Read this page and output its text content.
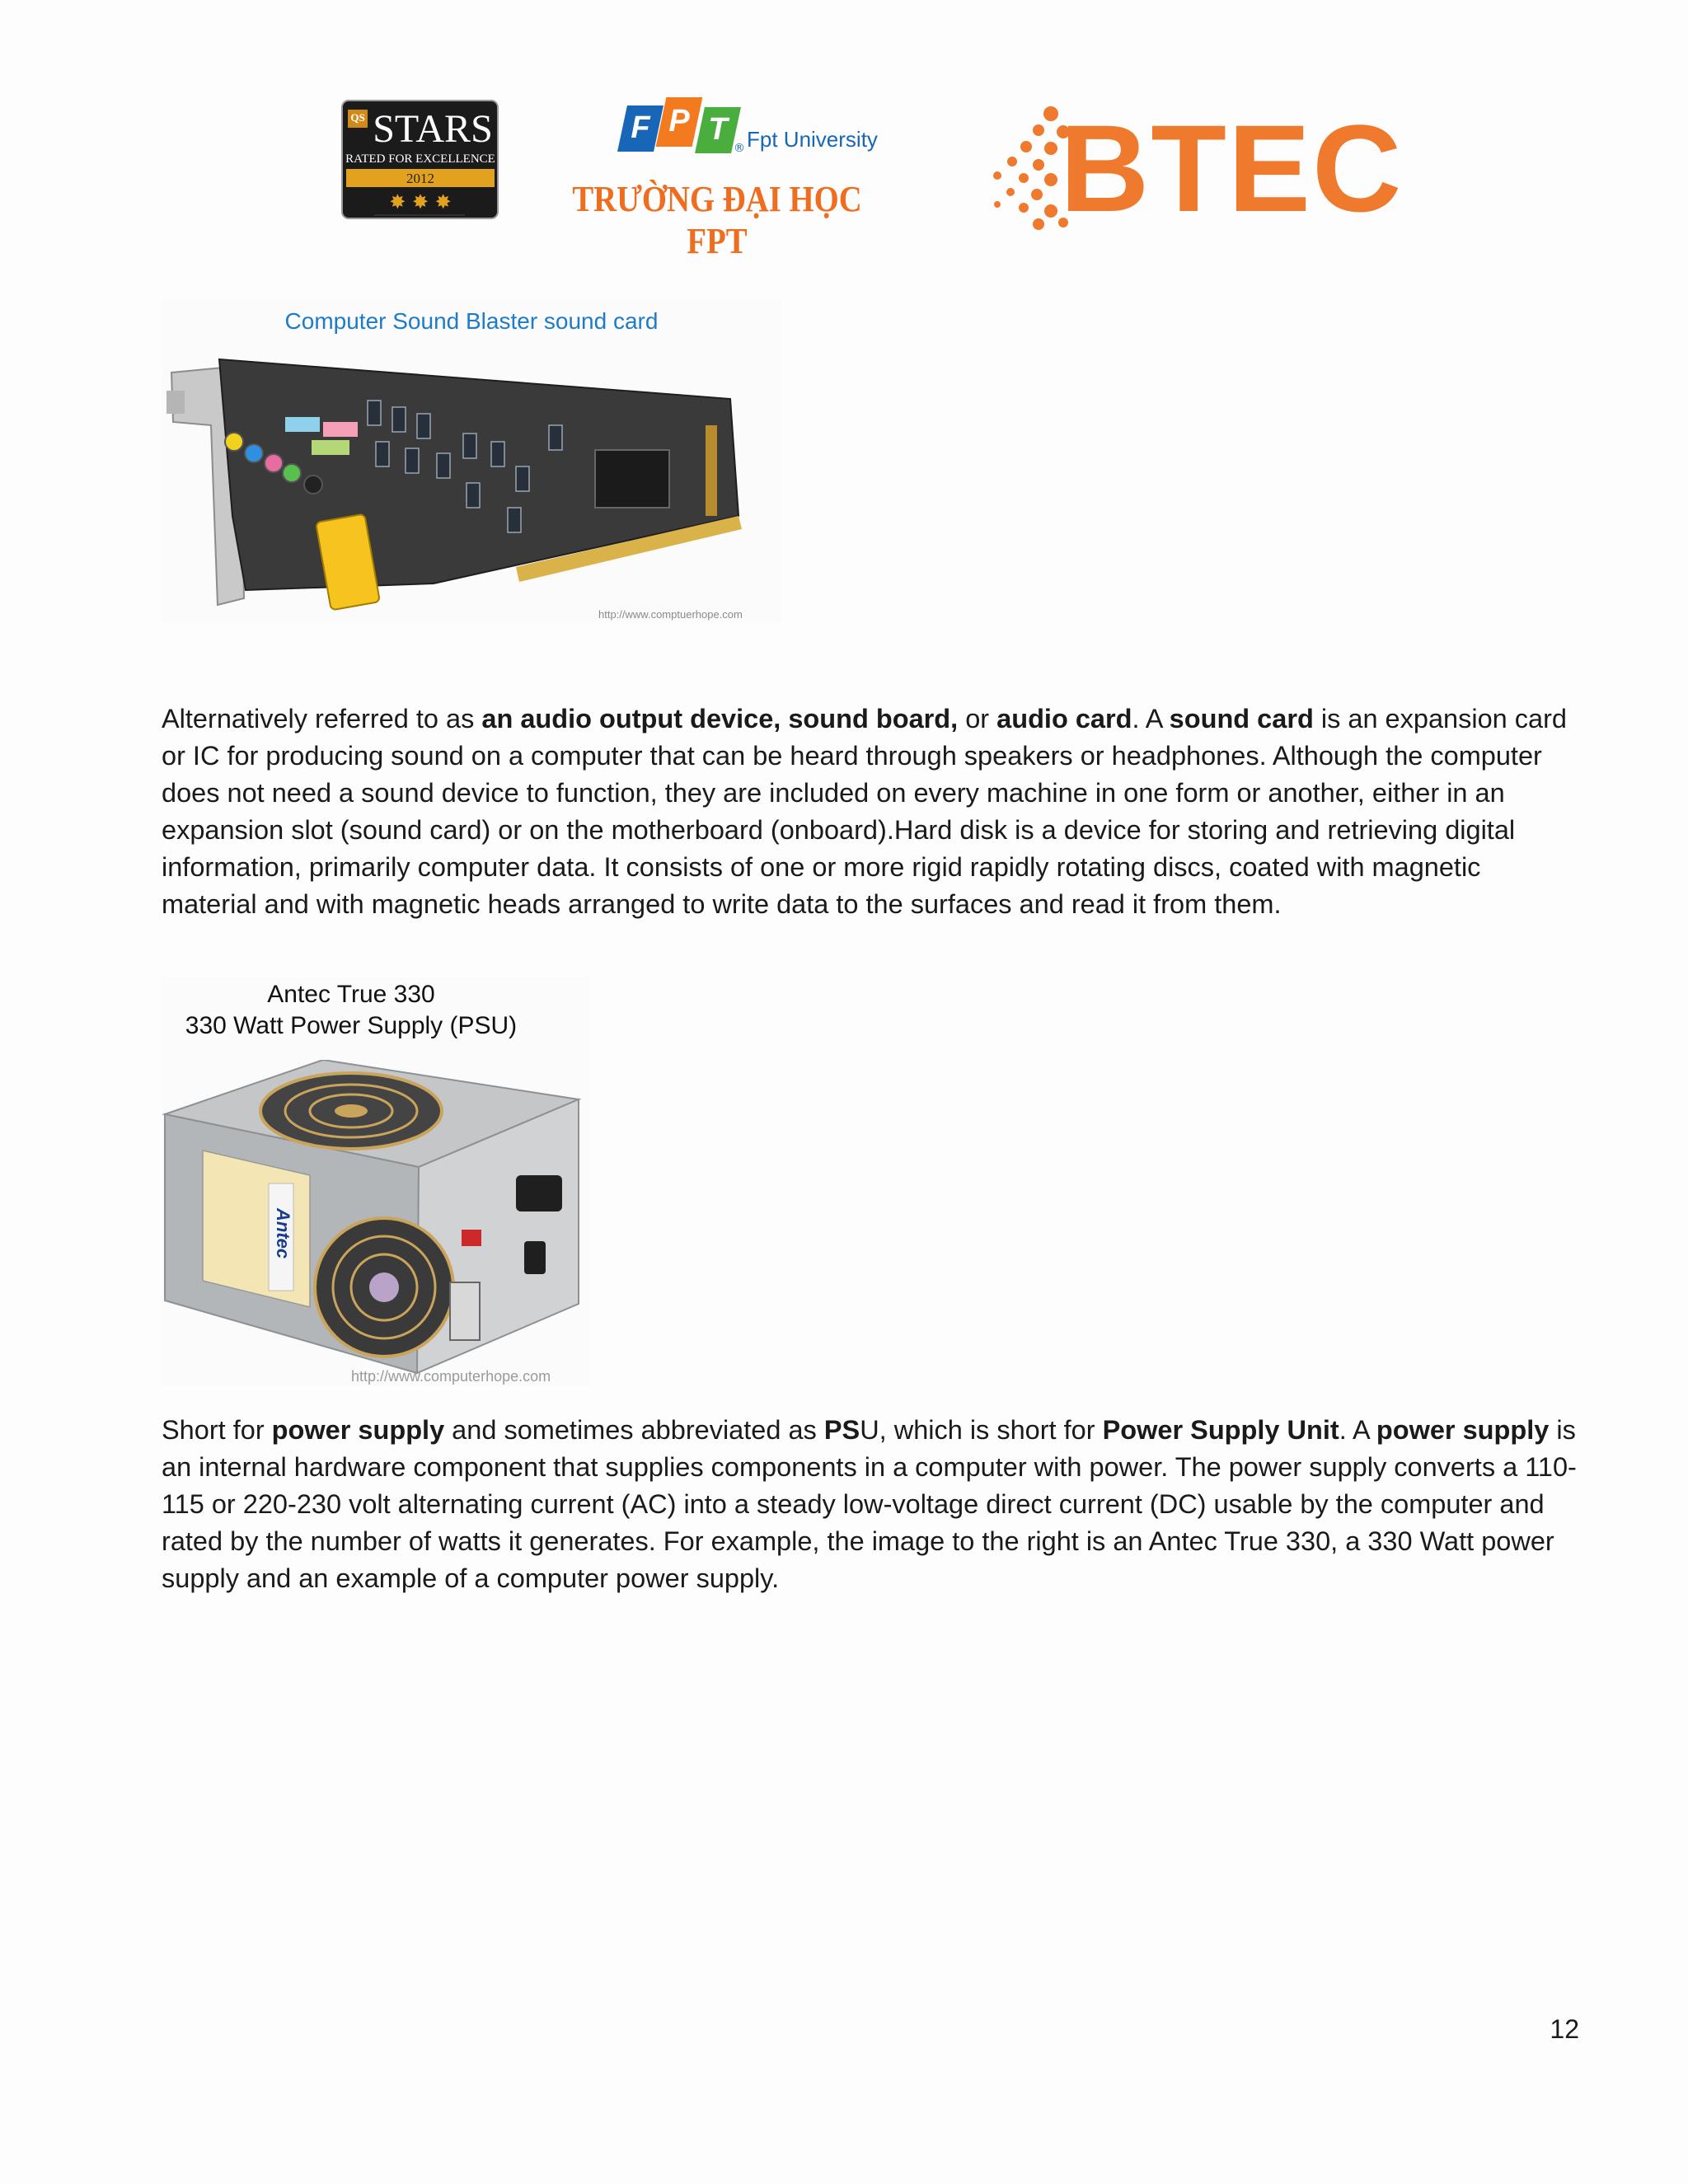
QS STARS
RATED FOR EXCELLENCE
2012
✸ ✸ ✸
F P T
® Fpt University
TRƯỜNG ĐẠI HỌC FPT
BTEC
Computer Sound Blaster sound card
http://www.comptuerhope.com

Alternatively referred to as an audio output device, sound board, or audio card. A sound card is an expansion card or IC for producing sound on a computer that can be heard through speakers or headphones. Although the computer does not need a sound device to function, they are included on every machine in one form or another, either in an expansion slot (sound card) or on the motherboard (onboard).Hard disk is a device for storing and retrieving digital information, primarily computer data. It consists of one or more rigid rapidly rotating discs, coated with magnetic material and with magnetic heads arranged to write data to the surfaces and read it from them.

Antec True 330
330 Watt Power Supply (PSU)
Antec
http://www.computerhope.com

Short for power supply and sometimes abbreviated as PSU, which is short for Power Supply Unit. A power supply is an internal hardware component that supplies components in a computer with power. The power supply converts a 110-115 or 220-230 volt alternating current (AC) into a steady low-voltage direct current (DC) usable by the computer and rated by the number of watts it generates. For example, the image to the right is an Antec True 330, a 330 Watt power supply and an example of a computer power supply.

12
